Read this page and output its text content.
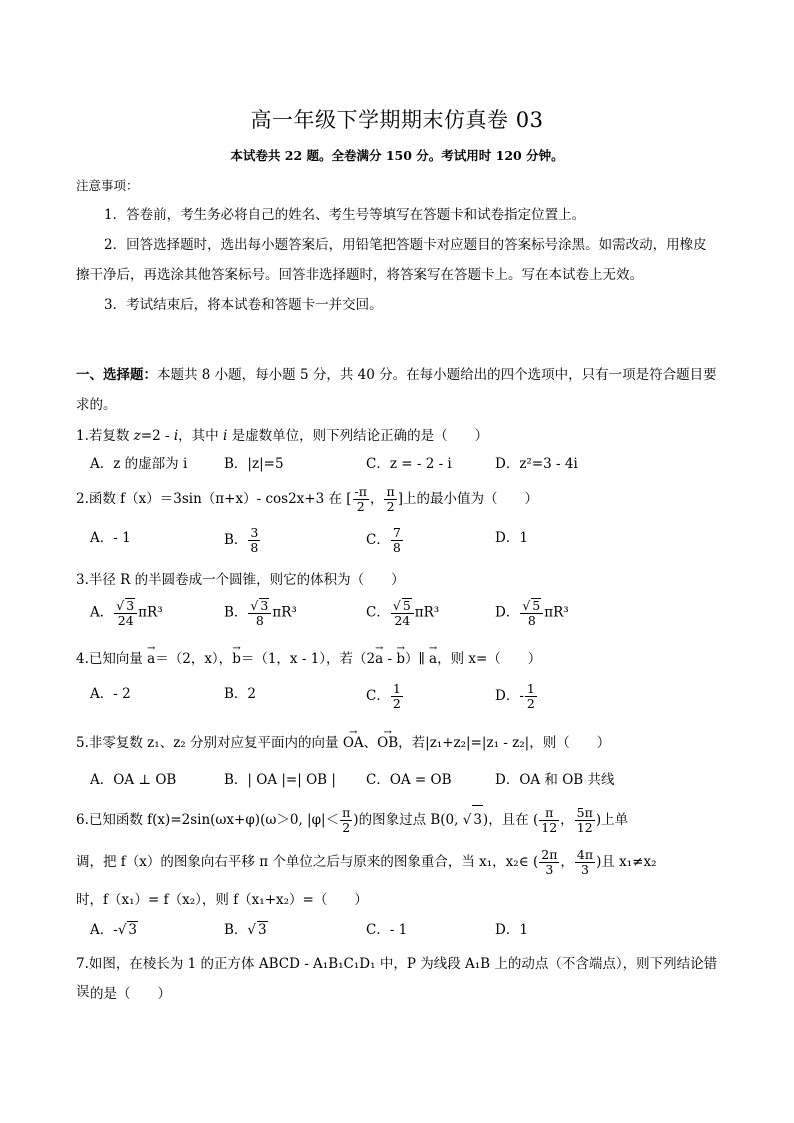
高一年级下学期期末仿真卷 03
本试卷共 22 题。全卷满分 150 分。考试用时 120 分钟。
注意事项：

1．答卷前，考生务必将自己的姓名、考生号等填写在答题卡和试卷指定位置上。

2．回答选择题时，选出每小题答案后，用铅笔把答题卡对应题目的答案标号涂黑。如需改动，用橡皮擦干净后，再选涂其他答案标号。回答非选择题时，将答案写在答题卡上。写在本试卷上无效。

3．考试结束后，将本试卷和答题卡一并交回。

一、选择题：本题共 8 小题，每小题 5 分，共 40 分。在每小题给出的四个选项中，只有一项是符合题目要求的。
1.若复数 z=2 - i，其中 i 是虚数单位，则下列结论正确的是（　　）
A．z 的虚部为 i	B．|z|=5	C．z = - 2 - i	D．z²=3 - 4i
2.函数 f（x）＝3sin（π+x）- cos2x+3 在 [ $\frac{-\pi}{2}$ ， $\frac{\pi}{2}$ ]上的最小值为（　　）
A．- 1	B． $\frac{3}{8}$	C． $\frac{7}{8}$	D．1
3.半径 R 的半圆卷成一个圆锥，则它的体积为（　　）
A． $\frac{√ 3}{24} \pi R^3$	B． $\frac{√ 3}{8} \pi R^3$	C． $\frac{√ 5}{24} \pi R^3$	D． $\frac{√ 5}{8} \pi R^3$
4.已知向量 → a＝（2，x），→ b＝（1，x - 1），若（2→ a - → b）∥ → a，则 x=（　　）
A．- 2	B．2	C． $\frac{1}{2}$	D．- $\frac{1}{2}$
5.非零复数 z₁、z₂ 分别对应复平面内的向量 → OA、→ OB，若|z₁+z₂|=|z₁ - z₂|，则（　　）
A．OA ⊥ OB	B．| OA |=| OB | C．OA = OB	D．OA 和 OB 共线
6.已知函数 f(x)=2sin(ωx+φ)(ω＞0, $|\varphi|< \frac{\pi}{2}$ )的图象过点 B(0, √ 3)，且在 ( $\frac{\pi}{12}$ ， $\frac{5\pi}{12}$ )上单
调，把 f（x）的图象向右平移 π 个单位之后与原来的图象重合，当 x₁，x₂∈ ( $\frac{2\pi}{3}$ ， $\frac{4\pi}{3}$ )且 x₁≠x₂
时，f（x₁）= f（x₂），则 f（x₁+x₂）=（　　）
A．-√ 3	B．√ 3	C．- 1	D．1
7.如图，在棱长为 1 的正方体 ABCD - A₁B₁C₁D₁ 中，P 为线段 A₁B 上的动点（不含端点），则下列结论错误 的是（　　）
